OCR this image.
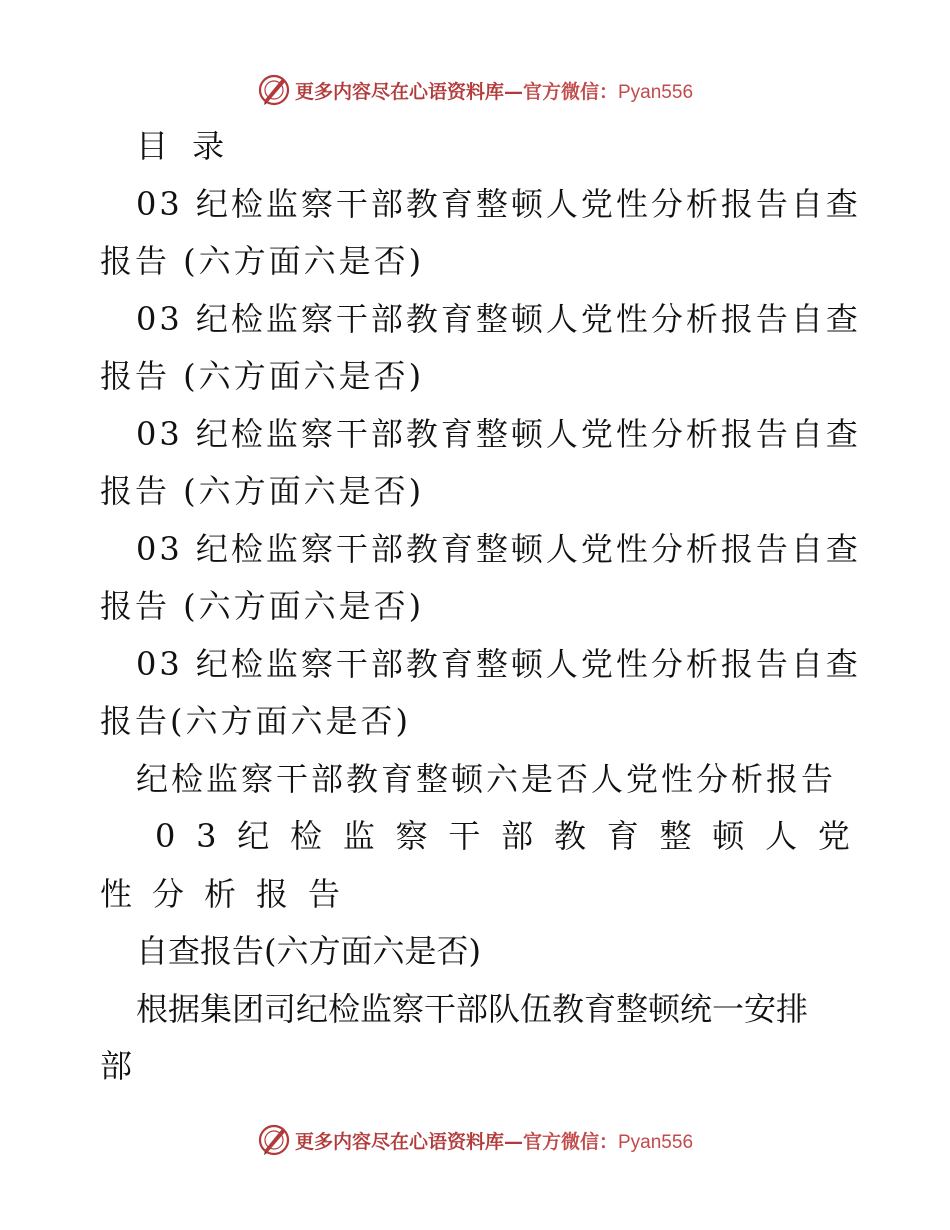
更多内容尽在心语资料库—官方微信：Pyan556
目 录
03 纪检监察干部教育整顿人党性分析报告自查
报告 (六方面六是否)
03 纪检监察干部教育整顿人党性分析报告自查
报告 (六方面六是否)
03 纪检监察干部教育整顿人党性分析报告自查
报告 (六方面六是否)
03 纪检监察干部教育整顿人党性分析报告自查
报告 (六方面六是否)
03 纪检监察干部教育整顿人党性分析报告自查
报告(六方面六是否)
纪检监察干部教育整顿六是否人党性分析报告
0 3 纪 检 监 察 干 部 教 育 整 顿 人 党
性 分 析 报 告
自查报告(六方面六是否)
根据集团司纪检监察干部队伍教育整顿统一安排
部
更多内容尽在心语资料库—官方微信：Pyan556
